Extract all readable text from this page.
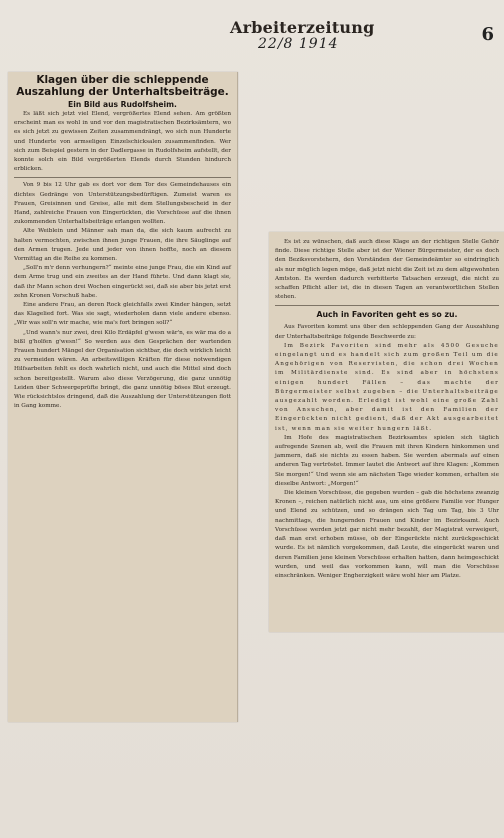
Arbeiterzeitung
22/8 1914	6
Klagen über die schleppende Auszahlung der Unterhaltsbeiträge.
Ein Bild aus Rudolfsheim.
Es läßt sich jetzt viel Elend, vergrößertes Elend sehen. Am größten erscheint man es wohl in und vor den magistratischen Bezirksämtern, wo es sich jetzt zu gewissen Zeiten zusammendrängt, wo sich nun Hunderte und Hunderte von armseligen Einzelschicksalen zusammenfinden. Wer sich zum Beispiel gestern in der Dadlergasse in Rudolfsheim aufstellt, der konnte solch ein Bild vergrößerten Elends durch Stunden hindurch erblicken.
Von 9 bis 12 Uhr gab es dort vor dem Tor des Gemeindehauses ein dichtes Gedränge von Unterstützungsbedürftigen. Zumeist waren es Frauen, Greisinnen und Greise, alle mit dem Stellungsbescheid in der Hand, zahlreiche Frauen von Eingerückten, die Vorschüsse auf die ihnen zukommenden Unterhaltsbeiträge erlangen wollten.
Alte Weiblein und Männer sah man da, die sich kaum aufrecht zu halten vermochten, zwischen ihnen junge Frauen, die ihre Säuglinge auf den Armen trugen. Jede und jeder von ihnen hoffte, noch an diesem Vormittag an die Reihe zu kommen.
„Soll'n m'r denn verhungern?“ meinte eine junge Frau, die ein Kind auf dem Arme trug und ein zweites an der Hand führte. Und dann klagt sie, daß ihr Mann schon drei Wochen eingerückt sei, daß sie aber bis jetzt erst zehn Kronen Vorschuß habe.
Eine andere Frau, an deren Rock gleichfalls zwei Kinder hängen, setzt das Klagelied fort. Was sie sagt, wiederholen dann viele andere ebenso. „Wir was soll'n wir mache, wie ma's fort bringen soll?“
„Und wann's nur zwei, drei Kilo Erdäpfel g'wesn wär'n, es wär ma do a bißl g'holfen g'wesn!“ So werden aus den Gesprächen der wartenden Frauen hundert Mängel der Organisation sichtbar, die doch wirklich leicht zu vermeiden wären. An arbeitswilligen Kräften für diese notwendigen Hilfsarbeiten fehlt es doch wahrlich nicht, und auch die Mittel sind doch schon bereitgestellt. Warum also diese Verzögerung, die ganz unnötig Leiden über Schwergeprüfte bringt, die ganz unnötig böses Blut erzeugt. Wie rücksichtslos dringend, daß die Auszahlung der Unterstützungen flott in Gang komme.
Es ist zu wünschen, daß auch diese Klage an der richtigen Stelle Gehör finde. Diese richtige Stelle aber ist der Wiener Bürgermeister, der es doch den Beziksvorstehern, den Vorständen der Gemeindeämter so eindringlich als nur möglich legen möge, daß jetzt nicht die Zeit ist zu dem altgewohnten Amtston. Es werden dadurch verbitterte Tatsachen erzeugt, die nicht zu schaffen Pflicht aller ist, die in diesen Tagen an verantwortlichen Stellen stehen.
Auch in Favoriten geht es so zu.
Aus Favoriten kommt uns über den schleppenden Gang der Auszahlung der Unterhaltsbeiträge folgende Beschwerde zu:
Im Bezirk Favoriten sind mehr als 4500 Gesuche eingelangt und es handelt sich zum großen Teil um die Angehörigen von Reservisten, die schon drei Wochen im Militärdienste sind. Es sind aber in höchstens einigen hundert Fällen – das machte der Bürgermeister selbst zugeben – die Unterhaltsbeiträge ausgezahlt worden. Erledigt ist wohl eine große Zahl von Ansuchen, aber damit ist den Familien der Eingerückten nicht gedient, daß der Akt ausgearbeitet ist, wenn man sie weiter hungern läßt.
Im Hofe des magistratischen Bezirksamtes spielen sich täglich aufregende Szenen ab, weil die Frauen mit ihren Kindern hinkommen und jammern, daß sie nichts zu essen haben. Sie werden abermals auf einen anderen Tag vertröstet. Immer lautet die Antwort auf ihre Klagen: „Kommen Sie morgen!“ Und wenn sie am nächsten Tage wieder kommen, erhalten sie dieselbe Antwort: „Morgen!“
Die kleinen Vorschüsse, die gegeben wurden – gab die höchstens zwanzig Kronen –, reichen natürlich nicht aus, um eine größere Familie vor Hunger und Elend zu schützen, und so drängen sich Tag um Tag, bis 3 Uhr nachmittags, die hungernden Frauen und Kinder im Bezirksamt. Auch Vorschüsse werden jetzt gar nicht mehr bezahlt, der Magistrat verweigert, daß man erst erhoben müsse, ob der Eingerückte nicht zurückgeschickt wurde. Es ist nämlich vorgekommen, daß Leute, die eingerückt waren und deren Familien jene kleinen Vorschüsse erhalten hatten, dann heimgeschickt wurden, und weil das vorkommen kann, will man die Vorschüsse einschränken. Weniger Engherzigkeit wäre wohl hier am Platze.
